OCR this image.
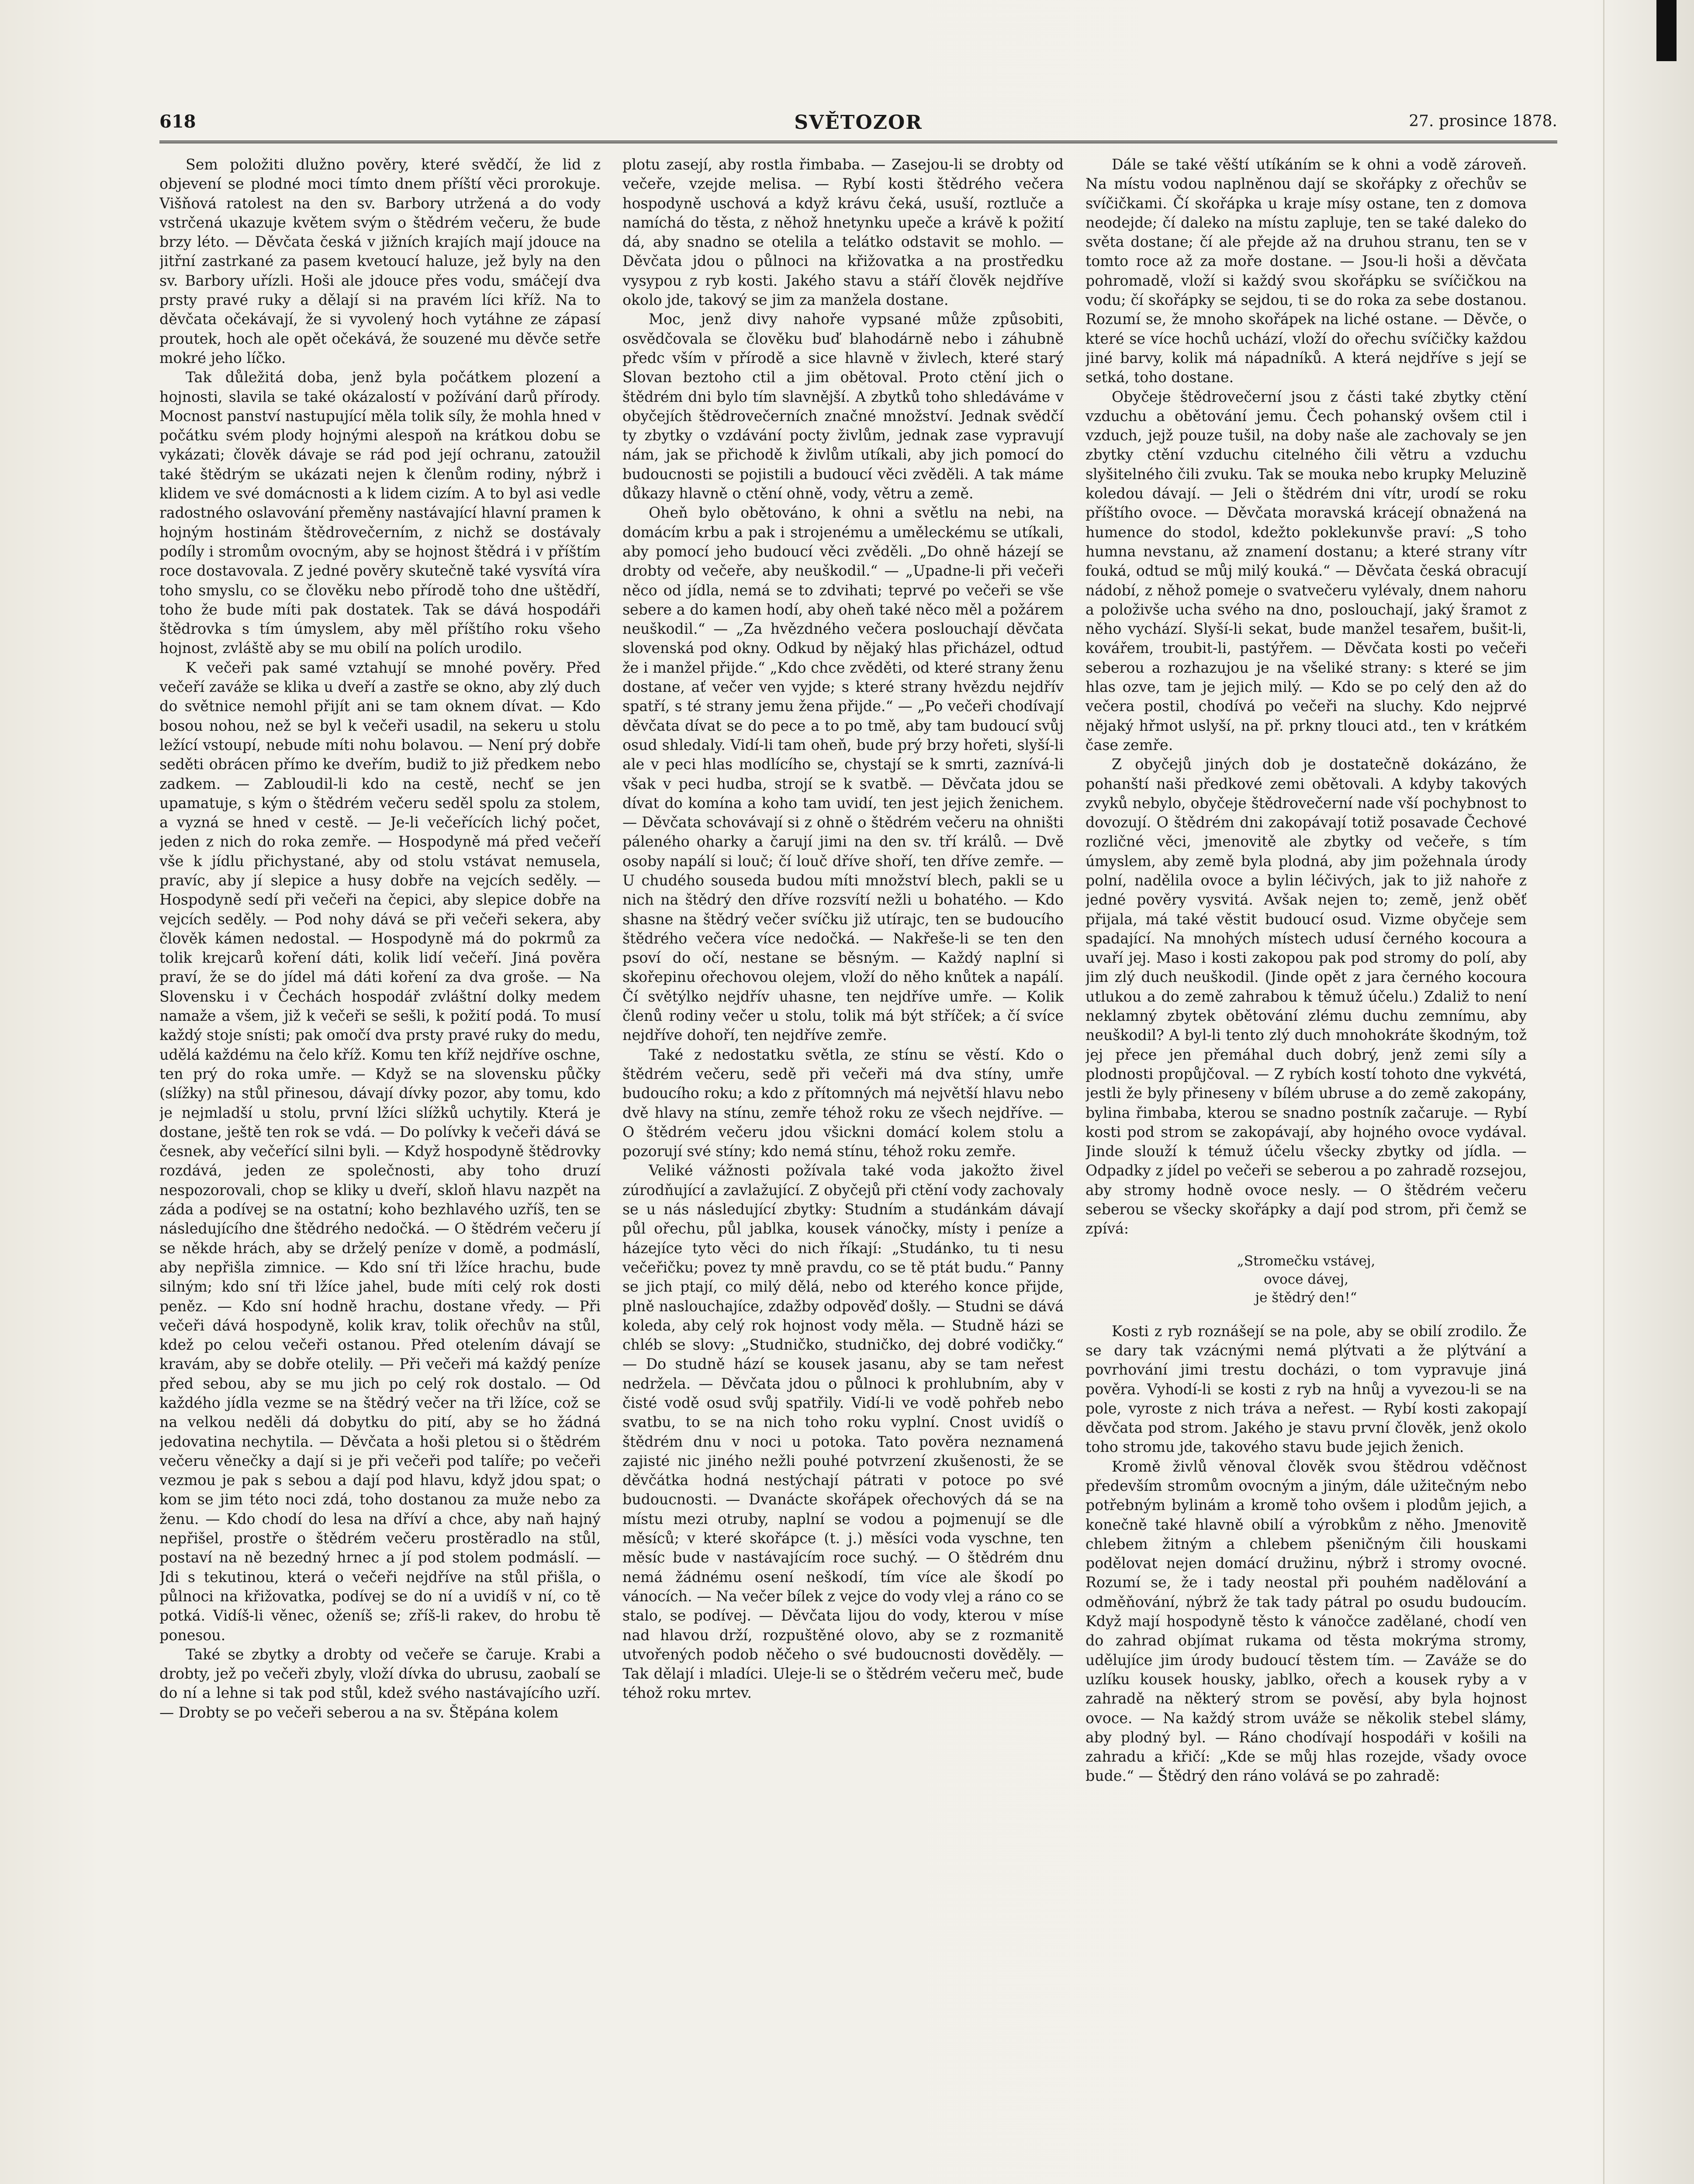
618	SVĚTOZOR	27. prosince 1878.

Sem položiti dlužno pověry, které svědčí, že lid z objevení se plodné moci tímto dnem příští věci prorokuje. Višňová ratolest na den sv. Barbory utržená a do vody vstrčená ukazuje květem svým o štědrém večeru, že bude brzy léto. — Děvčata česká v jižních krajích mají jdouce na jitřní zastrkané za pasem kvetoucí haluze, jež byly na den sv. Barbory uřízli. Hoši ale jdouce přes vodu, smáčejí dva prsty pravé ruky a dělají si na pravém líci kříž. Na to děvčata očekávají, že si vyvolený hoch vytáhne ze zápasí proutek, hoch ale opět očekává, že souzené mu děvče setře mokré jeho líčko.

Tak důležitá doba, jenž byla počátkem plození a hojnosti, slavila se také okázalostí v požívání darů přírody. Mocnost panství nastupující měla tolik síly, že mohla hned v počátku svém plody hojnými alespoň na krátkou dobu se vykázati; člověk dávaje se rád pod její ochranu, zatoužil také štědrým se ukázati nejen k členům rodiny, nýbrž i klidem ve své domácnosti a k lidem cizím. A to byl asi vedle radostného oslavování přeměny nastávající hlavní pramen k hojným hostinám štědrovečerním, z nichž se dostávaly podíly i stromům ovocným, aby se hojnost štědrá i v příštím roce dostavovala. Z jedné pověry skutečně také vysvítá víra toho smyslu, co se člověku nebo přírodě toho dne uštědří, toho že bude míti pak dostatek. Tak se dává hospodáři štědrovka s tím úmyslem, aby měl příštího roku všeho hojnost, zvláště aby se mu obilí na polích urodilo.

K večeři pak samé vztahují se mnohé pověry. Před večeří zaváže se klika u dveří a zastře se okno, aby zlý duch do světnice nemohl přijít ani se tam oknem dívat. — Kdo bosou nohou, než se byl k večeři usadil, na sekeru u stolu ležící vstoupí, nebude míti nohu bolavou. — Není prý dobře seděti obrácen přímo ke dveřím, budiž to již předkem nebo zadkem. — Zabloudil-li kdo na cestě, nechť se jen upamatuje, s kým o štědrém večeru seděl spolu za stolem, a vyzná se hned v cestě. — Je-li večeřících lichý počet, jeden z nich do roka zemře. — Hospodyně má před večeří vše k jídlu přichystané, aby od stolu vstávat nemusela, pravíc, aby jí slepice a husy dobře na vejcích seděly. — Hospodyně sedí při večeři na čepici, aby slepice dobře na vejcích seděly. — Pod nohy dává se při večeři sekera, aby člověk kámen nedostal. — Hospodyně má do pokrmů za tolik krejcarů koření dáti, kolik lidí večeří. Jiná pověra praví, že se do jídel má dáti koření za dva groše. — Na Slovensku i v Čechách hospodář zvláštní dolky medem namaže a všem, již k večeři se sešli, k požití podá. To musí každý stoje snísti; pak omočí dva prsty pravé ruky do medu, udělá každému na čelo kříž. Komu ten kříž nejdříve oschne, ten prý do roka umře. — Když se na slovensku půčky (slížky) na stůl přinesou, dávají dívky pozor, aby tomu, kdo je nejmladší u stolu, první lžíci slížků uchytily. Která je dostane, ještě ten rok se vdá. — Do polívky k večeři dává se česnek, aby večeřící silni byli. — Když hospodyně štědrovky rozdává, jeden ze společnosti, aby toho druzí nespozorovali, chop se kliky u dveří, skloň hlavu nazpět na záda a podívej se na ostatní; koho bezhlavého uzříš, ten se následujícího dne štědrého nedočká. — O štědrém večeru jí se někde hrách, aby se drželý peníze v domě, a podmáslí, aby nepřišla zimnice. — Kdo sní tři lžíce hrachu, bude silným; kdo sní tři lžíce jahel, bude míti celý rok dosti peněz. — Kdo sní hodně hrachu, dostane vředy. — Při večeři dává hospodyně, kolik krav, tolik ořechův na stůl, kdež po celou večeři ostanou. Před otelením dávají se kravám, aby se dobře otelily. — Při večeři má každý peníze před sebou, aby se mu jich po celý rok dostalo. — Od každého jídla vezme se na štědrý večer na tři lžíce, což se na velkou neděli dá dobytku do pití, aby se ho žádná jedovatina nechytila. — Děvčata a hoši pletou si o štědrém večeru věnečky a dají si je při večeři pod talíře; po večeři vezmou je pak s sebou a dají pod hlavu, když jdou spat; o kom se jim této noci zdá, toho dostanou za muže nebo za ženu. — Kdo chodí do lesa na dříví a chce, aby naň hajný nepřišel, prostře o štědrém večeru prostěradlo na stůl, postaví na ně bezedný hrnec a jí pod stolem podmáslí. — Jdi s tekutinou, která o večeři nejdříve na stůl přišla, o půlnoci na křižovatka, podívej se do ní a uvidíš v ní, co tě potká. Vidíš-li věnec, oženíš se; zříš-li rakev, do hrobu tě ponesou.

Také se zbytky a drobty od večeře se čaruje. Krabi a drobty, jež po večeři zbyly, vloží dívka do ubrusu, zaobalí se do ní a lehne si tak pod stůl, kdež svého nastávajícího uzří. — Drobty se po večeři seberou a na sv. Štěpána kolem

plotu zasejí, aby rostla řimbaba. — Zasejou-li se drobty od večeře, vzejde melisa. — Rybí kosti štědrého večera hospodyně uschová a když krávu čeká, usuší, roztluče a namíchá do těsta, z něhož hnetynku upeče a krávě k požití dá, aby snadno se otelila a telátko odstavit se mohlo. — Děvčata jdou o půlnoci na křižovatka a na prostředku vysypou z ryb kosti. Jakého stavu a stáří člověk nejdříve okolo jde, takový se jim za manžela dostane.

Moc, jenž divy nahoře vypsané může způsobiti, osvědčovala se člověku buď blahodárně nebo i záhubně předc vším v přírodě a sice hlavně v živlech, které starý Slovan beztoho ctil a jim obětoval. Proto ctění jich o štědrém dni bylo tím slavnější. A zbytků toho shledáváme v obyčejích štědrovečerních značné množství. Jednak svědčí ty zbytky o vzdávání pocty živlům, jednak zase vypravují nám, jak se přichodě k živlům utíkali, aby jich pomocí do budoucnosti se pojistili a budoucí věci zvěděli. A tak máme důkazy hlavně o ctění ohně, vody, větru a země.

Oheň bylo obětováno, k ohni a světlu na nebi, na domácím krbu a pak i strojenému a uměleckému se utíkali, aby pomocí jeho budoucí věci zvěděli. „Do ohně házejí se drobty od večeře, aby neuškodil.“ — „Upadne-li při večeři něco od jídla, nemá se to zdvihati; teprvé po večeři se vše sebere a do kamen hodí, aby oheň také něco měl a požárem neuškodil.“ — „Za hvězdného večera poslouchají děvčata slovenská pod okny. Odkud by nějaký hlas přicházel, odtud že i manžel přijde.“ „Kdo chce zvěděti, od které strany ženu dostane, ať večer ven vyjde; s které strany hvězdu nejdřív spatří, s té strany jemu žena přijde.“ — „Po večeři chodívají děvčata dívat se do pece a to po tmě, aby tam budoucí svůj osud shledaly. Vidí-li tam oheň, bude prý brzy hořeti, slyší-li ale v peci hlas modlícího se, chystají se k smrti, zaznívá-li však v peci hudba, strojí se k svatbě. — Děvčata jdou se dívat do komína a koho tam uvidí, ten jest jejich ženichem. — Děvčata schovávají si z ohně o štědrém večeru na ohništi páleného oharky a čarují jimi na den sv. tří králů. — Dvě osoby napálí si louč; čí louč dříve shoří, ten dříve zemře. — U chudého souseda budou míti množství blech, pakli se u nich na štědrý den dříve rozsvítí nežli u bohatého. — Kdo shasne na štědrý večer svíčku již utírajc, ten se budoucího štědrého večera více nedočká. — Nakřeše-li se ten den psoví do očí, nestane se běsným. — Každý naplní si skořepinu ořechovou olejem, vloží do něho knůtek a napálí. Čí světýlko nejdřív uhasne, ten nejdříve umře. — Kolik členů rodiny večer u stolu, tolik má být stříček; a čí svíce nejdříve dohoří, ten nejdříve zemře.

Také z nedostatku světla, ze stínu se věstí. Kdo o štědrém večeru, sedě při večeři má dva stíny, umře budoucího roku; a kdo z přítomných má největší hlavu nebo dvě hlavy na stínu, zemře téhož roku ze všech nejdříve. — O štědrém večeru jdou všickni domácí kolem stolu a pozorují své stíny; kdo nemá stínu, téhož roku zemře.

Veliké vážnosti požívala také voda jakožto živel zúrodňující a zavlažující. Z obyčejů při ctění vody zachovaly se u nás následující zbytky: Studním a studánkám dávají půl ořechu, půl jablka, kousek vánočky, místy i peníze a házejíce tyto věci do nich říkají: „Studánko, tu ti nesu večeřičku; povez ty mně pravdu, co se tě ptát budu.“ Panny se jich ptají, co milý dělá, nebo od kterého konce přijde, plně naslouchajíce, zdažby odpověď došly. — Studni se dává koleda, aby celý rok hojnost vody měla. — Studně házi se chléb se slovy: „Studničko, studničko, dej dobré vodičky.“ — Do studně hází se kousek jasanu, aby se tam neřest nedržela. — Děvčata jdou o půlnoci k prohlubním, aby v čisté vodě osud svůj spatřily. Vidí-li ve vodě pohřeb nebo svatbu, to se na nich toho roku vyplní. Cnost uvidíš o štědrém dnu v noci u potoka. Tato pověra neznamená zajisté nic jiného nežli pouhé potvrzení zkušenosti, že se děvčátka hodná nestýchají pátrati v potoce po své budoucnosti. — Dvanácte skořápek ořechových dá se na místu mezi otruby, naplní se vodou a pojmenují se dle měsíců; v které skořápce (t. j.) měsíci voda vyschne, ten měsíc bude v nastávajícím roce suchý. — O štědrém dnu nemá žádnému osení neškodí, tím více ale škodí po vánocích. — Na večer bílek z vejce do vody vlej a ráno co se stalo, se podívej. — Děvčata lijou do vody, kterou v míse nad hlavou drží, rozpuštěné olovo, aby se z rozmanitě utvořených podob něčeho o své budoucnosti dověděly. — Tak dělají i mladíci. Uleje-li se o štědrém večeru meč, bude téhož roku mrtev.

Dále se také věští utíkáním se k ohni a vodě zároveň. Na místu vodou naplněnou dají se skořápky z ořechův se svíčičkami. Čí skořápka u kraje mísy ostane, ten z domova neodejde; čí daleko na místu zapluje, ten se také daleko do světa dostane; čí ale přejde až na druhou stranu, ten se v tomto roce až za moře dostane. — Jsou-li hoši a děvčata pohromadě, vloží si každý svou skořápku se svíčičkou na vodu; čí skořápky se sejdou, ti se do roka za sebe dostanou. Rozumí se, že mnoho skořápek na liché ostane. — Děvče, o které se více hochů uchází, vloží do ořechu svíčičky každou jiné barvy, kolik má nápadníků. A která nejdříve s její se setká, toho dostane.

Obyčeje štědrovečerní jsou z části také zbytky ctění vzduchu a obětování jemu. Čech pohanský ovšem ctil i vzduch, jejž pouze tušil, na doby naše ale zachovaly se jen zbytky ctění vzduchu citelného čili větru a vzduchu slyšitelného čili zvuku. Tak se mouka nebo krupky Meluzině koledou dávají. — Jeli o štědrém dni vítr, urodí se roku příštího ovoce. — Děvčata moravská krácejí obnažená na humence do stodol, kdežto poklekunvše praví: „S toho humna nevstanu, až znamení dostanu; a které strany vítr fouká, odtud se můj milý kouká.“ — Děvčata česká obracují nádobí, z něhož pomeje o svatvečeru vylévaly, dnem nahoru a položivše ucha svého na dno, poslouchají, jaký šramot z něho vychází. Slyší-li sekat, bude manžel tesařem, bušit-li, kovářem, troubit-li, pastýřem. — Děvčata kosti po večeři seberou a rozhazujou je na všeliké strany: s které se jim hlas ozve, tam je jejich milý. — Kdo se po celý den až do večera postil, chodívá po večeři na sluchy. Kdo nejprvé nějaký hřmot uslyší, na př. prkny tlouci atd., ten v krátkém čase zemře.

Z obyčejů jiných dob je dostatečně dokázáno, že pohanští naši předkové zemi obětovali. A kdyby takových zvyků nebylo, obyčeje štědrovečerní nade vší pochybnost to dovozují. O štědrém dni zakopávají totiž posavade Čechové rozličné věci, jmenovitě ale zbytky od večeře, s tím úmyslem, aby země byla plodná, aby jim požehnala úrody polní, nadělila ovoce a bylin léčivých, jak to již nahoře z jedné pověry vysvitá. Avšak nejen to; země, jenž oběť přijala, má také věstit budoucí osud. Vizme obyčeje sem spadající. Na mnohých místech udusí černého kocoura a uvaří jej. Maso i kosti zakopou pak pod stromy do polí, aby jim zlý duch neuškodil. (Jinde opět z jara černého kocoura utlukou a do země zahrabou k těmuž účelu.) Zdaliž to není neklamný zbytek obětování zlému duchu zemnímu, aby neuškodil? A byl-li tento zlý duch mnohokráte škodným, tož jej přece jen přemáhal duch dobrý, jenž zemi síly a plodnosti propůjčoval. — Z rybích kostí tohoto dne vykvétá, jestli že byly přineseny v bílém ubruse a do země zakopány, bylina řimbaba, kterou se snadno postník začaruje. — Rybí kosti pod strom se zakopávají, aby hojného ovoce vydával. Jinde slouží k témuž účelu všecky zbytky od jídla. — Odpadky z jídel po večeři se seberou a po zahradě rozsejou, aby stromy hodně ovoce nesly. — O štědrém večeru seberou se všecky skořápky a dají pod strom, při čemž se zpívá:

„Stromečku vstávej,
ovoce dávej,
je štědrý den!“

Kosti z ryb roznášejí se na pole, aby se obilí zrodilo. Že se dary tak vzácnými nemá plýtvati a že plýtvání a povrhování jimi trestu docházi, o tom vypravuje jiná pověra. Vyhodí-li se kosti z ryb na hnůj a vyvezou-li se na pole, vyroste z nich tráva a neřest. — Rybí kosti zakopají děvčata pod strom. Jakého je stavu první člověk, jenž okolo toho stromu jde, takového stavu bude jejich ženich.

Kromě živlů věnoval člověk svou štědrou vděčnost především stromům ovocným a jiným, dále užitečným nebo potřebným bylinám a kromě toho ovšem i plodům jejich, a konečně také hlavně obilí a výrobkům z něho. Jmenovitě chlebem žitným a chlebem pšeničným čili houskami podělovat nejen domácí družinu, nýbrž i stromy ovocné. Rozumí se, že i tady neostal při pouhém nadělování a odměňování, nýbrž že tak tady pátral po osudu budoucím. Když mají hospodyně těsto k vánočce zadělané, chodí ven do zahrad objímat rukama od těsta mokrýma stromy, udělujíce jim úrody budoucí těstem tím. — Zaváže se do uzlíku kousek housky, jablko, ořech a kousek ryby a v zahradě na některý strom se pověsí, aby byla hojnost ovoce. — Na každý strom uváže se několik stebel slámy, aby plodný byl. — Ráno chodívají hospodáři v košili na zahradu a křičí: „Kde se můj hlas rozejde, všady ovoce bude.“ — Štědrý den ráno volává se po zahradě:
